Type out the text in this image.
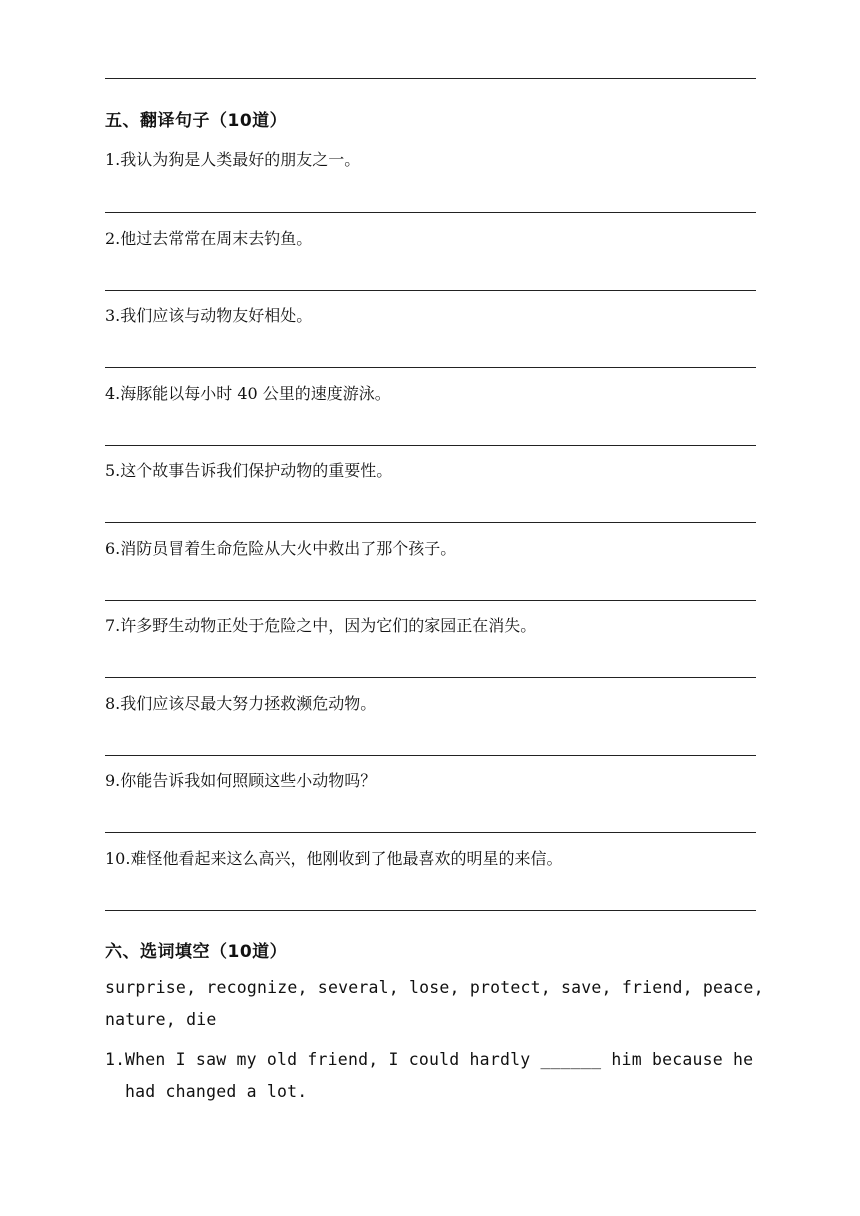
五、翻译句子（10道）
1.我认为狗是人类最好的朋友之一。
2.他过去常常在周末去钓鱼。
3.我们应该与动物友好相处。
4.海豚能以每小时 40 公里的速度游泳。
5.这个故事告诉我们保护动物的重要性。
6.消防员冒着生命危险从大火中救出了那个孩子。
7.许多野生动物正处于危险之中，因为它们的家园正在消失。
8.我们应该尽最大努力拯救濒危动物。
9.你能告诉我如何照顾这些小动物吗？
10.难怪他看起来这么高兴，他刚收到了他最喜欢的明星的来信。
六、选词填空（10道）
surprise, recognize, several, lose, protect, save, friend, peace,
nature, die
1. When I saw my old friend, I could hardly ______ him because he
had changed a lot.
